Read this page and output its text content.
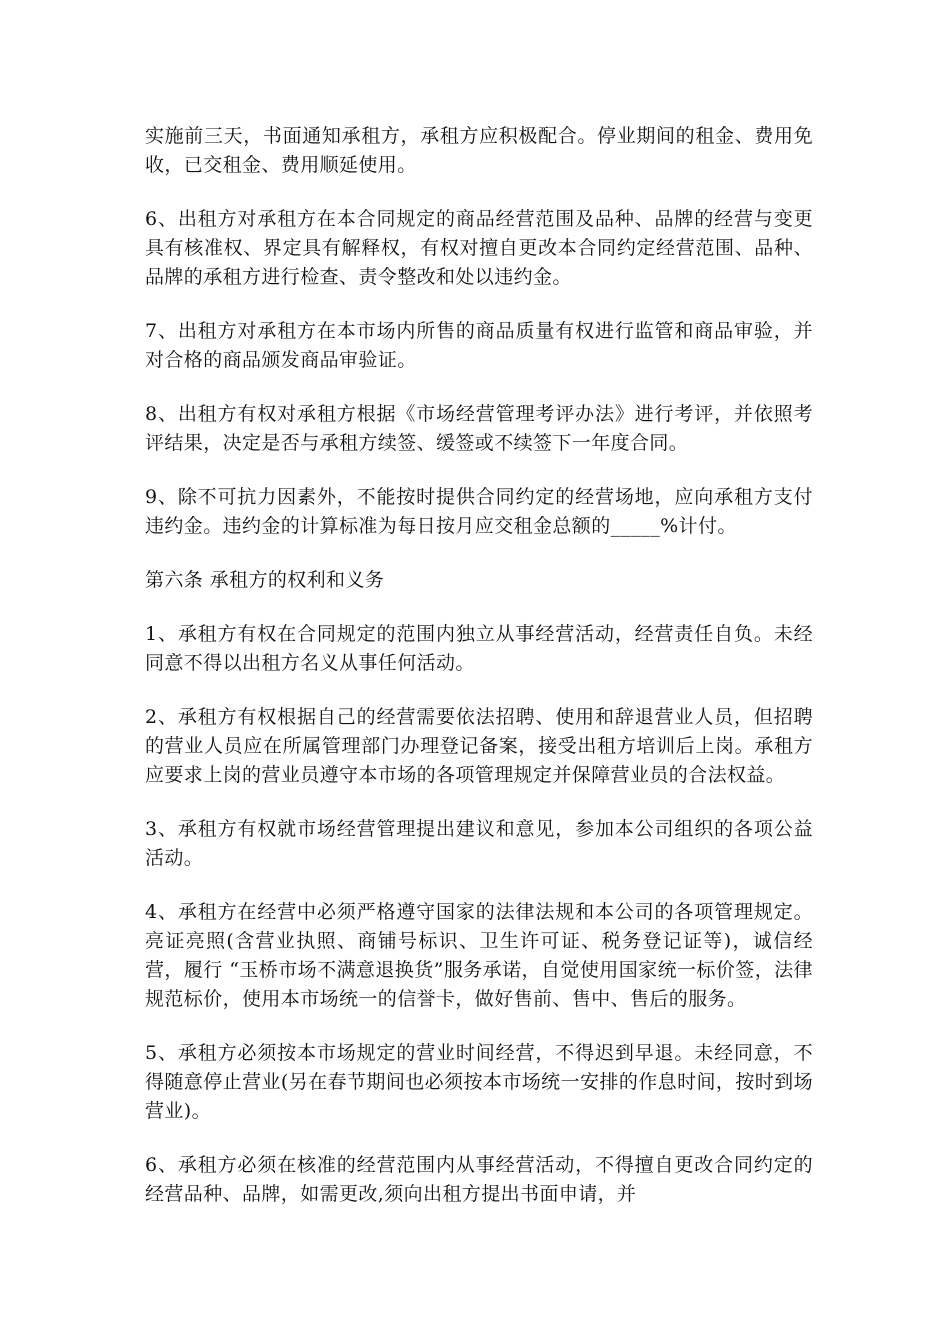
实施前三天，书面通知承租方，承租方应积极配合。停业期间的租金、费用免收，已交租金、费用顺延使用。

6、出租方对承租方在本合同规定的商品经营范围及品种、品牌的经营与变更具有核准权、界定具有解释权，有权对擅自更改本合同约定经营范围、品种、品牌的承租方进行检查、责令整改和处以违约金。

7、出租方对承租方在本市场内所售的商品质量有权进行监管和商品审验，并对合格的商品颁发商品审验证。

8、出租方有权对承租方根据《市场经营管理考评办法》进行考评，并依照考评结果，决定是否与承租方续签、缓签或不续签下一年度合同。

9、除不可抗力因素外，不能按时提供合同约定的经营场地，应向承租方支付违约金。违约金的计算标准为每日按月应交租金总额的_____%计付。

第六条 承租方的权利和义务

1、承租方有权在合同规定的范围内独立从事经营活动，经营责任自负。未经同意不得以出租方名义从事任何活动。

2、承租方有权根据自己的经营需要依法招聘、使用和辞退营业人员，但招聘的营业人员应在所属管理部门办理登记备案，接受出租方培训后上岗。承租方应要求上岗的营业员遵守本市场的各项管理规定并保障营业员的合法权益。

3、承租方有权就市场经营管理提出建议和意见，参加本公司组织的各项公益活动。

4、承租方在经营中必须严格遵守国家的法律法规和本公司的各项管理规定。亮证亮照(含营业执照、商铺号标识、卫生许可证、税务登记证等)，诚信经营，履行 “玉桥市场不满意退换货”服务承诺，自觉使用国家统一标价签，法律规范标价，使用本市场统一的信誉卡，做好售前、售中、售后的服务。

5、承租方必须按本市场规定的营业时间经营，不得迟到早退。未经同意，不得随意停止营业(另在春节期间也必须按本市场统一安排的作息时间，按时到场营业)。

6、承租方必须在核准的经营范围内从事经营活动，不得擅自更改合同约定的经营品种、品牌，如需更改,须向出租方提出书面申请，并
